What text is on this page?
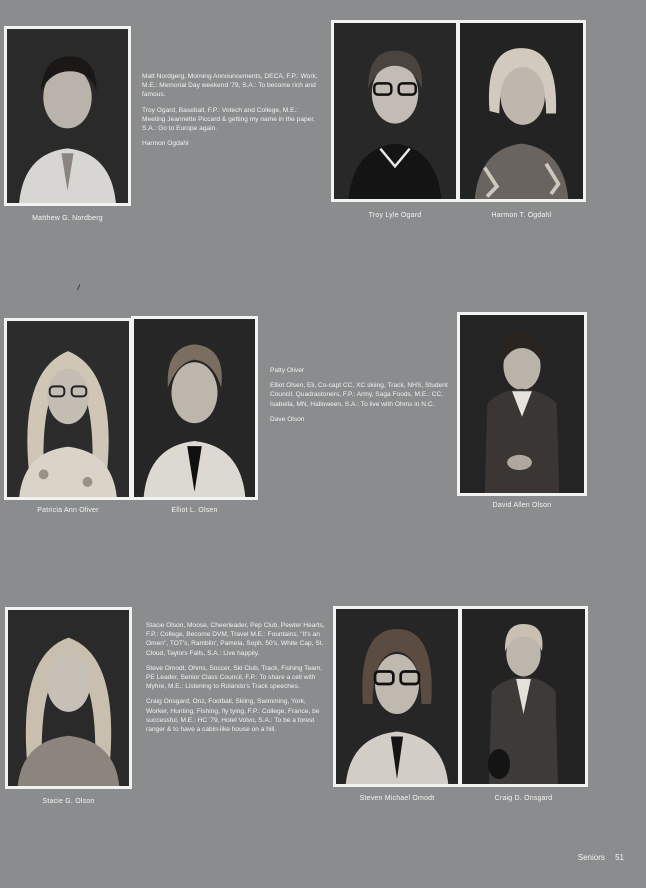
Matthew G. Nordberg

Matt Nordgerg, Morning Announcements, DECA, F.P.: Work, M.E.: Memorial Day weekend '79, S.A.: To become rich and famous.

Troy Ogard, Baseball, F.P.: Votech and College, M.E.: Meeting Jeannette Piccard & getting my name in the paper, S.A.: Go to Europe again.

Harmon Ogdahl

Troy Lyle Ogard	Harmon T. Ogdahl
Patricia Ann Oliver	Elliot L. Olsen

Patty Oliver

Elliot Olsen, Eli, Co-capt CC, XC skiing, Track, NHS, Student Council, Quadrastoners, F.P.: Army, Saga Foods, M.E.: CC, Isabella, MN, Halloween, S.A.: To live with Ohms in N.C.

Dave Olson

David Allen Olson
Stacie G. Olson

Stacie Olson, Moose, Cheerleader, Pep Club, Pewter Hearts, F.P.: College, Become DVM, Travel M.E.: Fountains, "It's an Omen", TOT's, Ramblin', Pamela, Soph. 50's, White Cap, St. Cloud, Taylors Falls, S.A.: Live happily.

Steve Omodt, Ohms, Soccer, Ski Club, Track, Fishing Team, PE Leader, Senior Class Council, F.P.: To share a cell with Myhre, M.E.: Listening to Rolando's Track speeches.

Craig Onsgard, Onz, Football, Skiing, Swimming, York, Worker, Hunting, Fishing, fly tying, F.P.: College, France, be successful, M.E.: HC '79, Hotel Volvo, S.A.: To be a forest ranger & to have a cabin-like house on a hill.

Steven Michael Omodt	Craig D. Onsgard
Seniors 51
